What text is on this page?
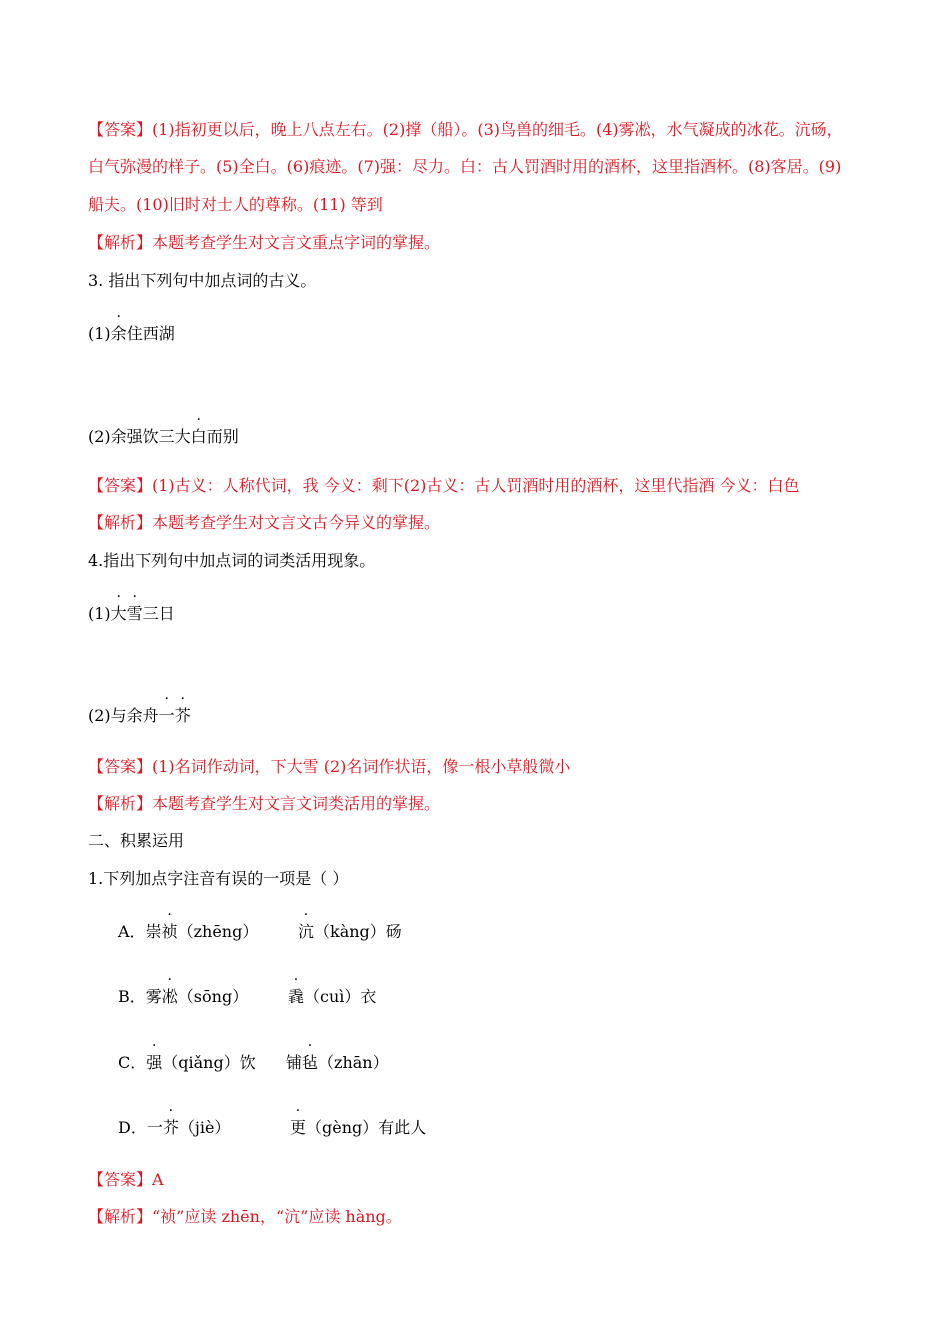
【答案】(1)指初更以后，晚上八点左右。(2)撑（船）。(3)鸟兽的细毛。(4)雾凇，水气凝成的冰花。沆砀，
白气弥漫的样子。(5)全白。(6)痕迹。(7)强：尽力。白：古人罚酒时用的酒杯，这里指酒杯。(8)客居。(9)
船夫。(10)旧时对士人的尊称。(11) 等到
【解析】本题考查学生对文言文重点字词的掌握。
3. 指出下列句中加点词的古义。
(1)余住西湖
(2)余强饮三大白而别
【答案】(1)古义：人称代词，我 今义：剩下(2)古义：古人罚酒时用的酒杯，这里代指酒 今义：白色
【解析】本题考查学生对文言文古今异义的掌握。
4.指出下列句中加点词的词类活用现象。
(1)大雪三日
(2)与余舟一芥
【答案】(1)名词作动词，下大雪 (2)名词作状语，像一根小草般微小
【解析】本题考查学生对文言文词类活用的掌握。
二、积累运用
1.下列加点字注音有误的一项是（ ）
A．崇祯（zhēng） 沆（kàng）砀
B．雾凇（sōng） 毳（cuì）衣
C．强（qiǎng）饮 铺毡（zhān）
D．一芥（jiè）	更（gèng）有此人
【答案】A
【解析】“祯”应读 zhēn，“沆”应读 hàng。
